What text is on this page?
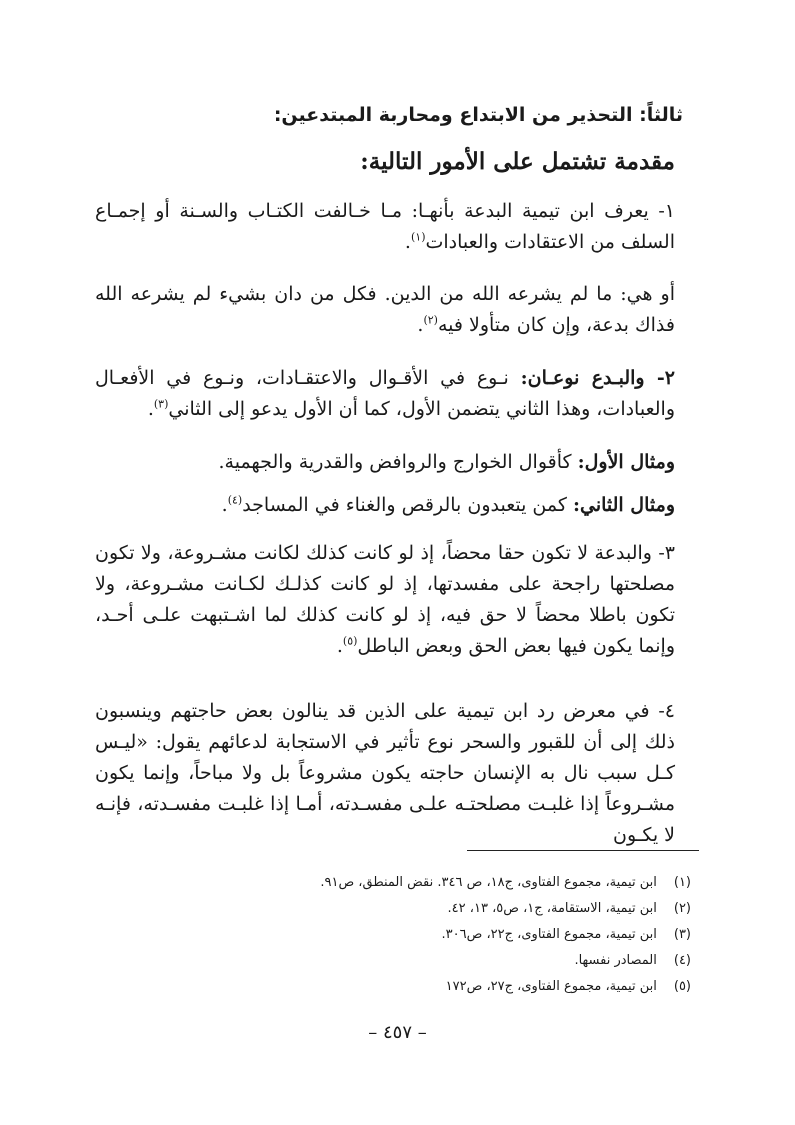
ثالثاً: التحذير من الابتداع ومحاربة المبتدعين:
مقدمة تشتمل على الأمور التالية:

١- يعرف ابن تيمية البدعة بأنهـا: مـا خـالفت الكتـاب والسـنة أو إجمـاع السلف من الاعتقادات والعبادات$^{(١)}$.

أو هي: ما لم يشرعه الله من الدين. فكل من دان بشيء لم يشرعه الله فذاك بدعة، وإن كان متأولا فيه$^{(٢)}$.

٢- والبـدع نوعـان: نـوع في الأقـوال والاعتقـادات، ونـوع في الأفعـال والعبادات، وهذا الثاني يتضمن الأول، كما أن الأول يدعو إلى الثاني$^{(٣)}$.

ومثال الأول: كأقوال الخوارج والروافض والقدرية والجهمية.

ومثال الثاني: كمن يتعبدون بالرقص والغناء في المساجد$^{(٤)}$.

٣- والبدعة لا تكون حقا محضاً، إذ لو كانت كذلك لكانت مشـروعة، ولا تكون مصلحتها راجحة على مفسدتها، إذ لو كانت كذلـك لكـانت مشـروعة، ولا تكون باطلا محضاً لا حق فيه، إذ لو كانت كذلك لما اشـتبهت علـى أحـد، وإنما يكون فيها بعض الحق وبعض الباطل$^{(٥)}$.

٤- في معرض رد ابن تيمية على الذين قد ينالون بعض حاجتهم وينسبون ذلك إلى أن للقبور والسحر نوع تأثير في الاستجابة لدعائهم يقول: «ليـس كـل سبب نال به الإنسان حاجته يكون مشروعاً بل ولا مباحاً، وإنما يكون مشـروعاً إذا غلبـت مصلحتـه علـى مفسـدته، أمـا إذا غلبـت مفسـدته، فإنـه لا يكـون

(١) ابن تيمية، مجموع الفتاوى، ج١٨، ص ٣٤٦. نقض المنطق، ص٩١.
(٢) ابن تيمية، الاستقامة، ج١، ص٥، ١٣، ٤٢.
(٣) ابن تيمية، مجموع الفتاوى، ج٢٢، ص٣٠٦.
(٤) المصادر نفسها.
(٥) ابن تيمية، مجموع الفتاوى، ج٢٧، ص١٧٢
– ٤٥٧ –
